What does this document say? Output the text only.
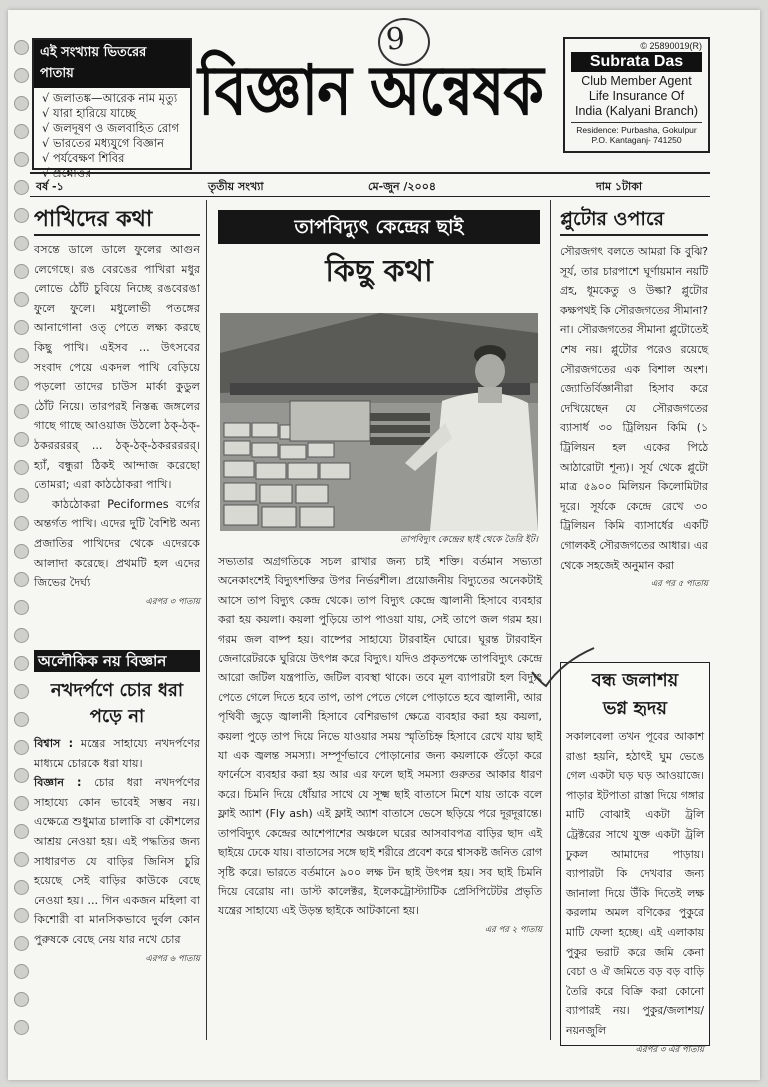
এই সংখ্যায় ভিতরের পাতায়
√ জলাতঙ্ক—আরেক নাম মৃত্যু
√ যারা হারিয়ে যাচ্ছে
√ জলদূষণ ও জলবাহিত রোগ
√ ভারতের মধ্যযুগে বিজ্ঞান
√ পর্যবেক্ষণ শিবির
√ প্রশ্নোত্তর
9
বিজ্ঞান অন্বেষক
© 25890019(R)
Subrata Das
Club Member Agent
Life Insurance Of
India (Kalyani Branch)
Residence: Purbasha, Gokulpur
P.O. Kantaganj- 741250
বর্ষ -১	তৃতীয় সংখ্যা	মে-জুন /২০০৪	দাম ১টাকা
পাখিদের কথা

বসন্তে ডালে ডালে ফুলের আগুন লেগেছে। রঙ বেরঙের পাখিরা মধুর লোভে ঠোঁট চুবিয়ে নিচ্ছে রঙবেরঙা ফুলে ফুলে। মধুলোভী পতঙ্গের আনাগোনা ওত্ পেতে লক্ষ্য করছে কিছু পাখি। এইসব ... উৎসবের সংবাদ পেয়ে একদল পাখি বেড়িয়ে পড়লো তাদের চাউস মার্কা কুডুল ঠোঁট নিয়ে। তারপরই নিস্তব্ধ জঙ্গলের গাছে গাছে আওয়াজ উঠলো ঠক্-ঠক্-ঠকররররর্ ... ঠক্-ঠক্-ঠকররররর্। হ্যাঁ, বন্ধুরা ঠিকই আন্দাজ করেছো তোমরা; এরা কাঠঠোকরা পাখি।

কাঠঠোকরা Peciformes বর্গের অন্তর্গত পাখি। এদের দুটি বৈশিষ্ট অন্য প্রজাতির পাখিদের থেকে এদেরকে আলাদা করেছে। প্রথমটি হল এদের জিভের দৈর্ঘ্য

এরপর ৩ পাতায়
অলৌকিক নয় বিজ্ঞান
নখদর্পণে চোর ধরা পড়ে না

বিশ্বাস : মন্ত্রের সাহায্যে নখদর্পণের মাধ্যমে চোরকে ধরা যায়।

বিজ্ঞান : চোর ধরা নখদর্পণের সাহায্যে কোন ভাবেই সম্ভব নয়। এক্ষেত্রে শুধুমাত্র চালাকি বা কৌশলের আশ্রয় নেওয়া হয়। এই পদ্ধতির জন্য সাধারণত যে বাড়ির জিনিস চুরি হয়েছে সেই বাড়ির কাউকে বেছে নেওয়া হয়। ... গিন একজন মহিলা বা কিশোরী বা মানসিকভাবে দুর্বল কোন পুরুষকে বেছে নেয় যার নখে চোর

এরপর ৬ পাতায়
তাপবিদ্যুৎ কেন্দ্রের ছাই
কিছু কথা
তাপবিদ্যুৎ কেন্দ্রের ছাই থেকে তৈরি ইট।

সভ্যতার অগ্রগতিকে সচল রাখার জন্য চাই শক্তি। বর্তমান সভ্যতা অনেকাংশেই বিদ্যুৎশক্তির উপর নির্ভরশীল। প্রয়োজনীয় বিদ্যুতের অনেকটাই আসে তাপ বিদ্যুৎ কেন্দ্র থেকে। তাপ বিদ্যুৎ কেন্দ্রে জ্বালানী হিসাবে ব্যবহার করা হয় কয়লা। কয়লা পুড়িয়ে তাপ পাওয়া যায়, সেই তাপে জল গরম হয়। গরম জল বাষ্প হয়। বাষ্পের সাহায্যে টারবাইন ঘোরে। ঘূরন্ত টারবাইন জেনারেটরকে ঘুরিয়ে উৎপন্ন করে বিদ্যুৎ। যদিও প্রকৃতপক্ষে তাপবিদ্যুৎ কেন্দ্রে আরো জটিল যন্ত্রপাতি, জটিল ব্যবস্থা থাকে। তবে মূল ব্যাপারটা হল বিদ্যুৎ পেতে গেলে দিতে হবে তাপ, তাপ পেতে গেলে পোড়াতে হবে জ্বালানী, আর পৃথিবী জুড়ে জ্বালানী হিসাবে বেশিরভাগ ক্ষেত্রে ব্যবহার করা হয় কয়লা, কয়লা পুড়ে তাপ দিয়ে নিভে যাওয়ার সময় স্মৃতিচিহ্ন হিসাবে রেখে যায় ছাই যা এক জ্বলন্ত সমস্যা। সম্পূর্ণভাবে পোড়ানোর জন্য কয়লাকে গুঁড়ো করে ফার্নেসে ব্যবহার করা হয় আর এর ফলে ছাই সমস্যা গুরুতর আকার ধারণ করে। চিমনি দিয়ে ধোঁয়ার সাথে যে সূক্ষ্ম ছাই বাতাসে মিশে যায় তাকে বলে ফ্লাই অ্যাশ (Fly ash) এই ফ্লাই অ্যাশ বাতাসে ভেসে ছড়িয়ে পরে দূরদূরান্তে। তাপবিদ্যুৎ কেন্দ্রের আশেপাশের অঞ্চলে ঘরের আসবাবপত্র বাড়ির ছাদ এই ছাইয়ে ঢেকে যায়। বাতাসের সঙ্গে ছাই শরীরে প্রবেশ করে শ্বাসকষ্ট জনিত রোগ সৃষ্টি করে। ভারতে বর্তমানে ৯০০ লক্ষ টন ছাই উৎপন্ন হয়। সব ছাই চিমনি দিয়ে বেরোয় না। ডাস্ট কালেক্টর, ইলেকট্রোস্ট্যাটিক প্রেসিপিটেটর প্রভৃতি যন্ত্রের সাহায্যে এই উড়ন্ত ছাইকে আটকানো হয়।

এর পর ২ পাতায়
প্লুটোর ওপারে

সৌরজগৎ বলতে আমরা কি বুঝি? সূর্য, তার চারপাশে ঘূর্ণায়মান নয়টি গ্রহ, ধূমকেতু ও উল্কা? প্লুটোর কক্ষপথই কি সৌরজগতের সীমানা? না। সৌরজগতের সীমানা প্লুটোতেই শেষ নয়। প্লুটোর পরেও রয়েছে সৌরজগতের এক বিশাল অংশ। জ্যোতির্বিজ্ঞানীরা হিসাব করে দেখিয়েছেন যে সৌরজগতের ব্যাসার্ধ ৩০ ট্রিলিয়ন কিমি (১ ট্রিলিয়ন হল একের পিঠে আঠারোটা শূন্য)। সূর্য থেকে প্লুটো মাত্র ৫৯০০ মিলিয়ন কিলোমিটার দূরে। সূর্যকে কেন্দ্রে রেখে ৩০ ট্রিলিয়ন কিমি ব্যাসার্ধের একটি গোলকই সৌরজগতের আধার। এর থেকে সহজেই অনুমান করা

এর পর ৫ পাতায়
বন্ধ জলাশয়
ভগ্ন হৃদয়

সকালবেলা তখন পূবের আকাশ রাঙা হয়নি, হঠাৎই ঘুম ভেঙে গেল একটা ঘড় ঘড় আওয়াজে। পাড়ার ইটপাতা রাস্তা দিয়ে গঙ্গার মাটি বোঝাই একটা ট্রলি ট্রেক্টরের সাথে যুক্ত একটা ট্রলি ঢুকল আমাদের পাড়ায়। ব্যাপারটা কি দেখবার জন্য জানালা দিয়ে উঁকি দিতেই লক্ষ করলাম অমল বণিকের পুকুরে মাটি ফেলা হচ্ছে। এই এলাকায় পুকুর ভরাট করে জমি কেনা বেচা ও ঐ জমিতে বড় বড় বাড়ি তৈরি করে বিক্রি করা কোনো ব্যাপারই নয়। পুকুর/জলাশয়/নয়নজুলি

এরপর ৩ এর পাতায়
